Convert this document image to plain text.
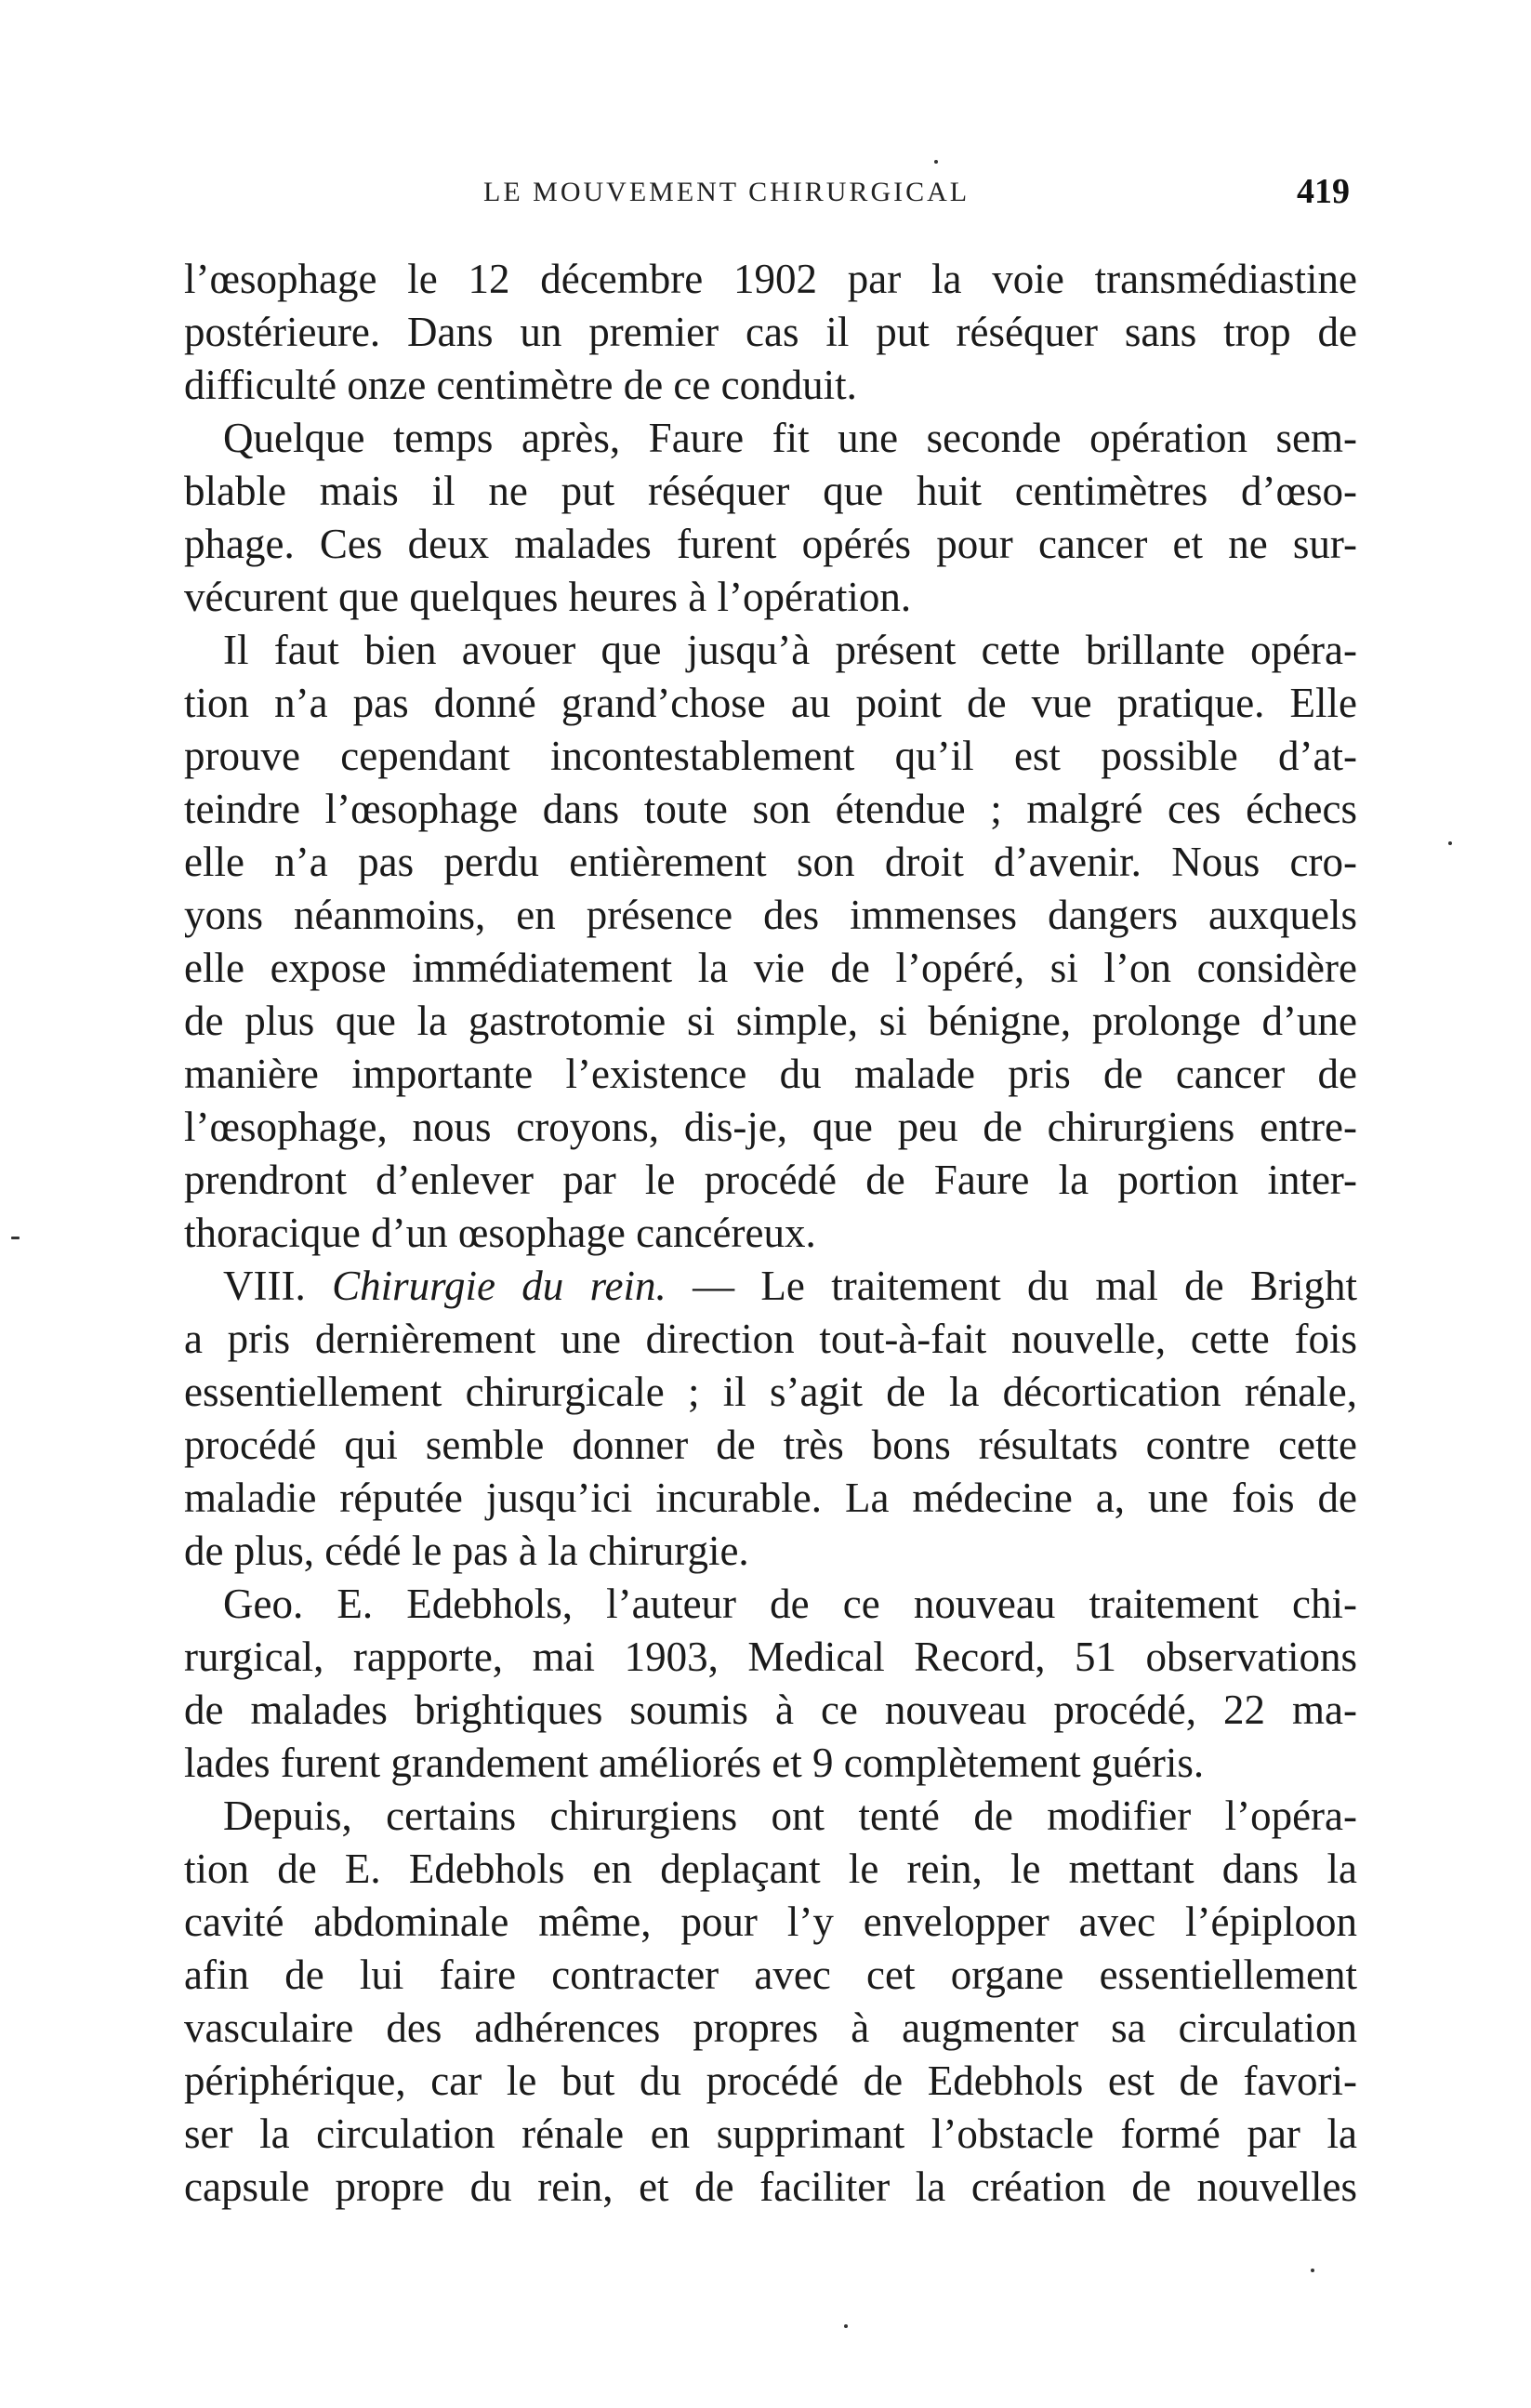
LE MOUVEMENT CHIRURGICAL	419
l’œsophage le 12 décembre 1902 par la voie transmédiastine
postérieure. Dans un premier cas il put réséquer sans trop de
difficulté onze centimètre de ce conduit.
Quelque temps après, Faure fit une seconde opération sem-
blable mais il ne put réséquer que huit centimètres d’œso-
phage. Ces deux malades furent opérés pour cancer et ne sur-
vécurent que quelques heures à l’opération.
Il faut bien avouer que jusqu’à présent cette brillante opéra-
tion n’a pas donné grand’chose au point de vue pratique. Elle
prouve cependant incontestablement qu’il est possible d’at-
teindre l’œsophage dans toute son étendue ; malgré ces échecs
elle n’a pas perdu entièrement son droit d’avenir. Nous cro-
yons néanmoins, en présence des immenses dangers auxquels
elle expose immédiatement la vie de l’opéré, si l’on considère
de plus que la gastrotomie si simple, si bénigne, prolonge d’une
manière importante l’existence du malade pris de cancer de
l’œsophage, nous croyons, dis-je, que peu de chirurgiens entre-
prendront d’enlever par le procédé de Faure la portion inter-
thoracique d’un œsophage cancéreux.
VIII. Chirurgie du rein. — Le traitement du mal de Bright
a pris dernièrement une direction tout-à-fait nouvelle, cette fois
essentiellement chirurgicale ; il s’agit de la décortication rénale,
procédé qui semble donner de très bons résultats contre cette
maladie réputée jusqu’ici incurable. La médecine a, une fois de
de plus, cédé le pas à la chirurgie.
Geo. E. Edebhols, l’auteur de ce nouveau traitement chi-
rurgical, rapporte, mai 1903, Medical Record, 51 observations
de malades brightiques soumis à ce nouveau procédé, 22 ma-
lades furent grandement améliorés et 9 complètement guéris.
Depuis, certains chirurgiens ont tenté de modifier l’opéra-
tion de E. Edebhols en deplaçant le rein, le mettant dans la
cavité abdominale même, pour l’y envelopper avec l’épiploon
afin de lui faire contracter avec cet organe essentiellement
vasculaire des adhérences propres à augmenter sa circulation
périphérique, car le but du procédé de Edebhols est de favori-
ser la circulation rénale en supprimant l’obstacle formé par la
capsule propre du rein, et de faciliter la création de nouvelles
